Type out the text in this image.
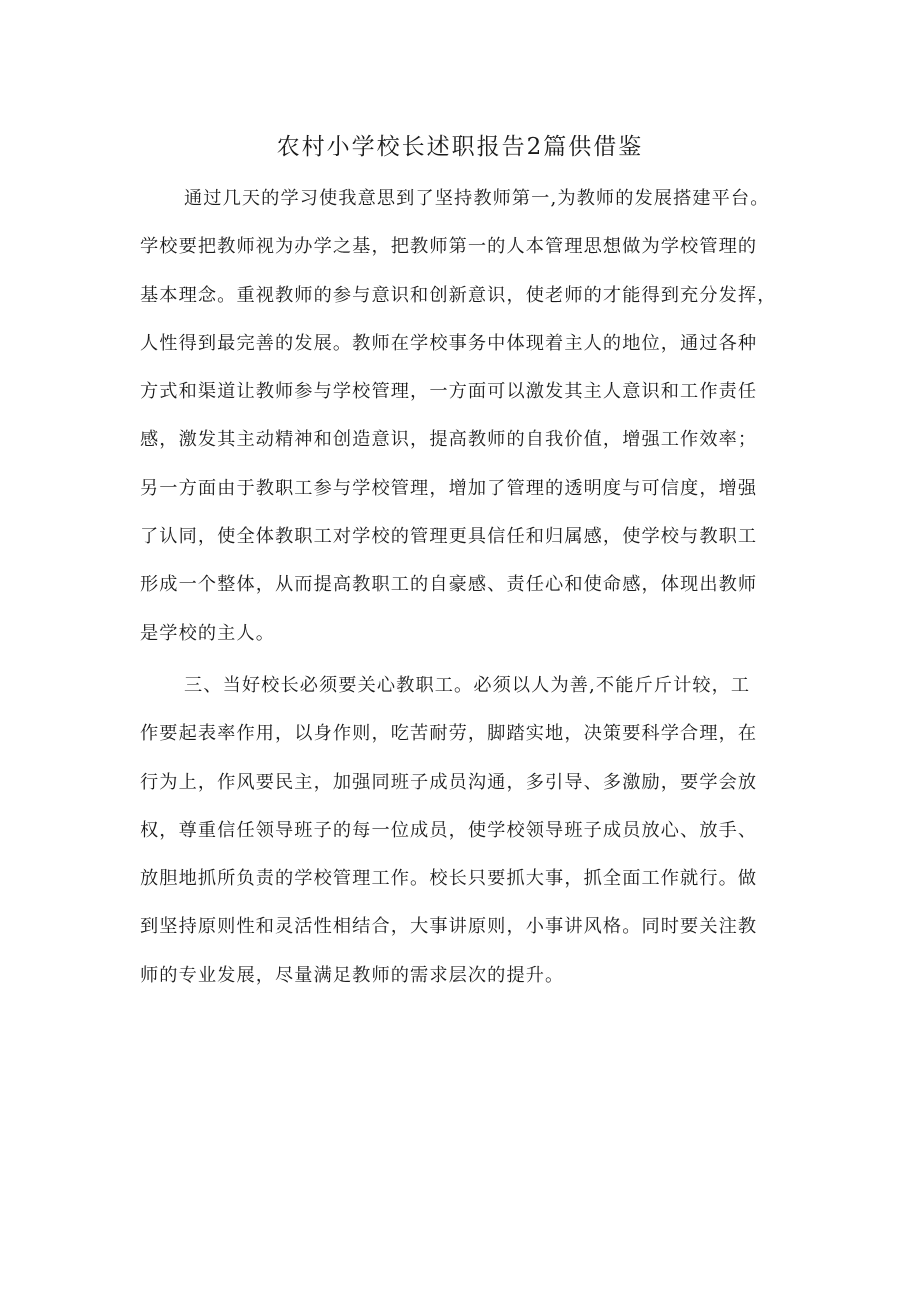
农村小学校长述职报告2篇供借鉴
通过几天的学习使我意思到了坚持教师第一,为教师的发展搭建平台。
学校要把教师视为办学之基，把教师第一的人本管理思想做为学校管理的
基本理念。重视教师的参与意识和创新意识，使老师的才能得到充分发挥，
人性得到最完善的发展。教师在学校事务中体现着主人的地位，通过各种
方式和渠道让教师参与学校管理，一方面可以激发其主人意识和工作责任
感，激发其主动精神和创造意识，提高教师的自我价值，增强工作效率；
另一方面由于教职工参与学校管理，增加了管理的透明度与可信度，增强
了认同，使全体教职工对学校的管理更具信任和归属感，使学校与教职工
形成一个整体，从而提高教职工的自豪感、责任心和使命感，体现出教师
是学校的主人。
三、当好校长必须要关心教职工。必须以人为善,不能斤斤计较，工
作要起表率作用，以身作则，吃苦耐劳，脚踏实地，决策要科学合理，在
行为上，作风要民主，加强同班子成员沟通，多引导、多激励，要学会放
权，尊重信任领导班子的每一位成员，使学校领导班子成员放心、放手、
放胆地抓所负责的学校管理工作。校长只要抓大事，抓全面工作就行。做
到坚持原则性和灵活性相结合，大事讲原则，小事讲风格。同时要关注教
师的专业发展，尽量满足教师的需求层次的提升。
